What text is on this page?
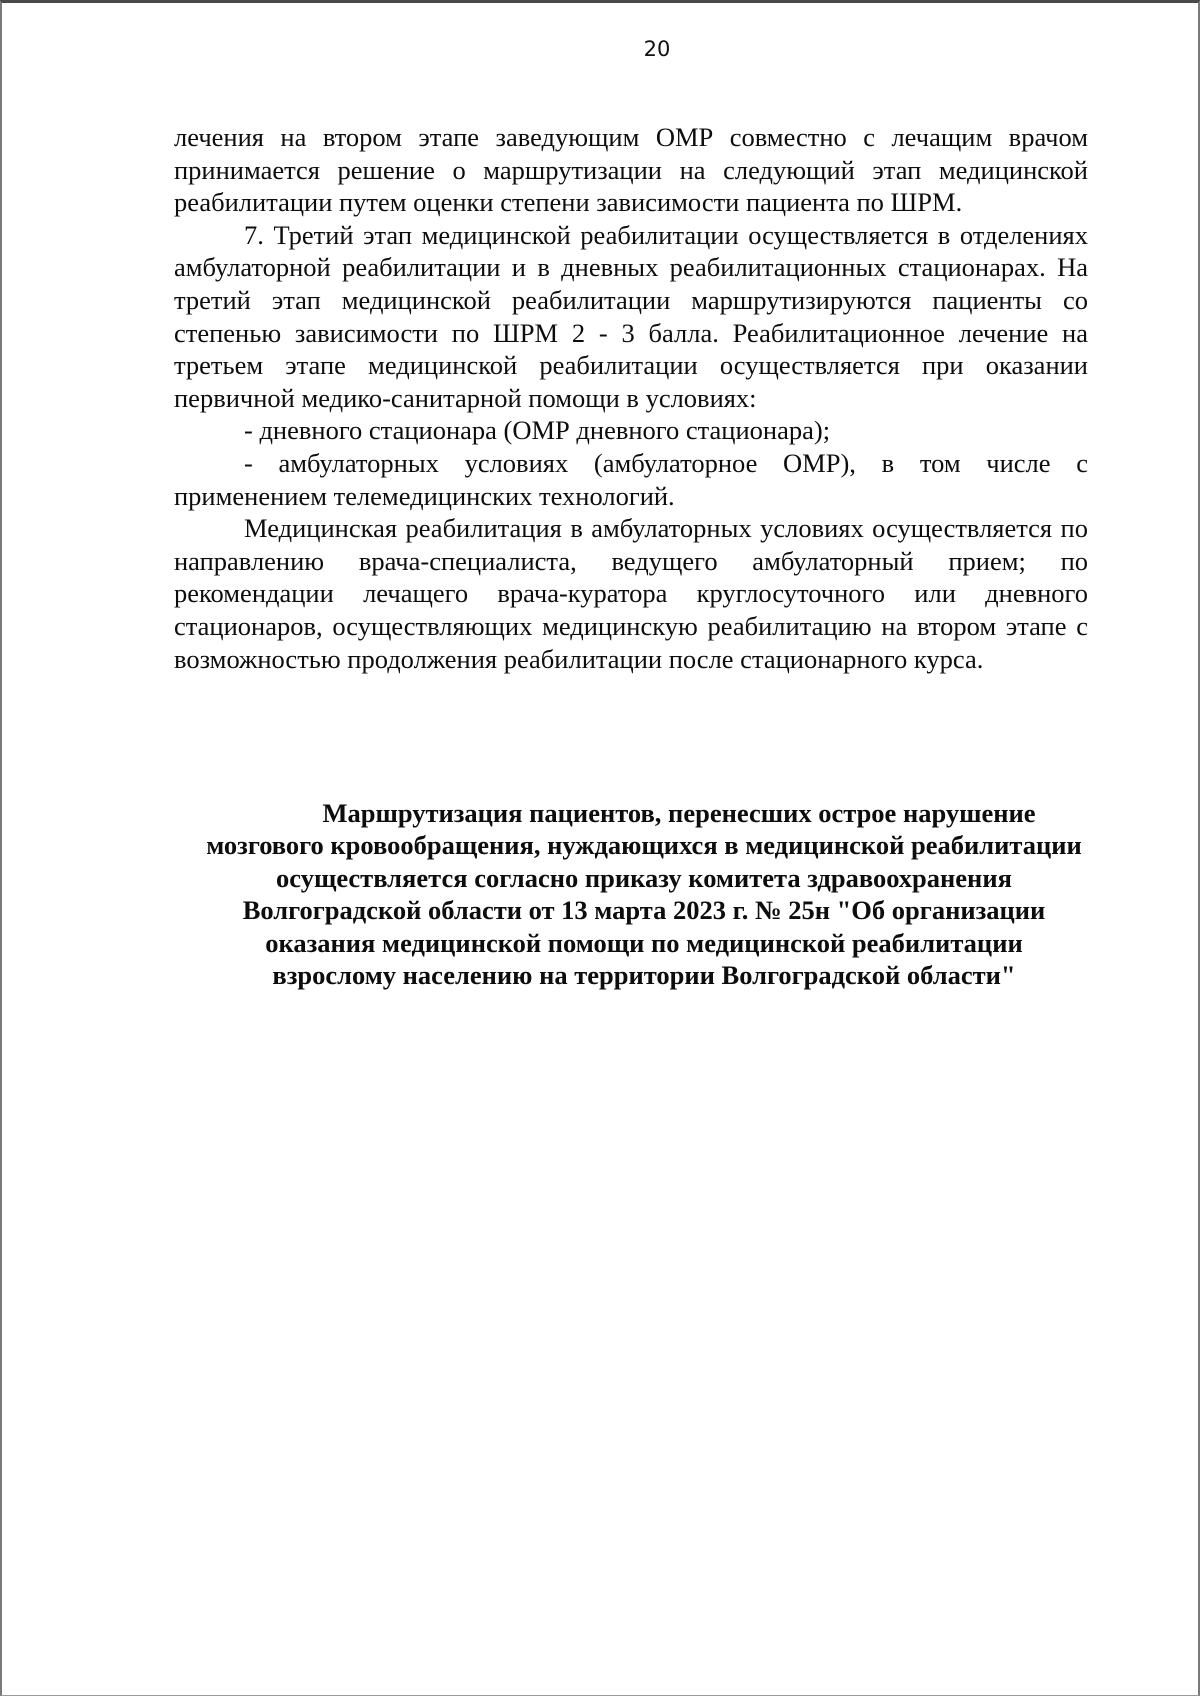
20

лечения на втором этапе заведующим ОМР совместно с лечащим врачом принимается решение о маршрутизации на следующий этап медицинской реабилитации путем оценки степени зависимости пациента по ШРМ.

7. Третий этап медицинской реабилитации осуществляется в отделениях амбулаторной реабилитации и в дневных реабилитационных стационарах. На третий этап медицинской реабилитации маршрутизируются пациенты со степенью зависимости по ШРМ 2 - 3 балла. Реабилитационное лечение на третьем этапе медицинской реабилитации осуществляется при оказании первичной медико-санитарной помощи в условиях:

- дневного стационара (ОМР дневного стационара);

- амбулаторных условиях (амбулаторное ОМР), в том числе с применением телемедицинских технологий.

Медицинская реабилитация в амбулаторных условиях осуществляется по направлению врача-специалиста, ведущего амбулаторный прием; по рекомендации лечащего врача-куратора круглосуточного или дневного стационаров, осуществляющих медицинскую реабилитацию на втором этапе с возможностью продолжения реабилитации после стационарного курса.

Маршрутизация пациентов, перенесших острое нарушение
мозгового кровообращения, нуждающихся в медицинской реабилитации
осуществляется согласно приказу комитета здравоохранения
Волгоградской области от 13 марта 2023 г. № 25н "Об организации
оказания медицинской помощи по медицинской реабилитации
взрослому населению на территории Волгоградской области"
